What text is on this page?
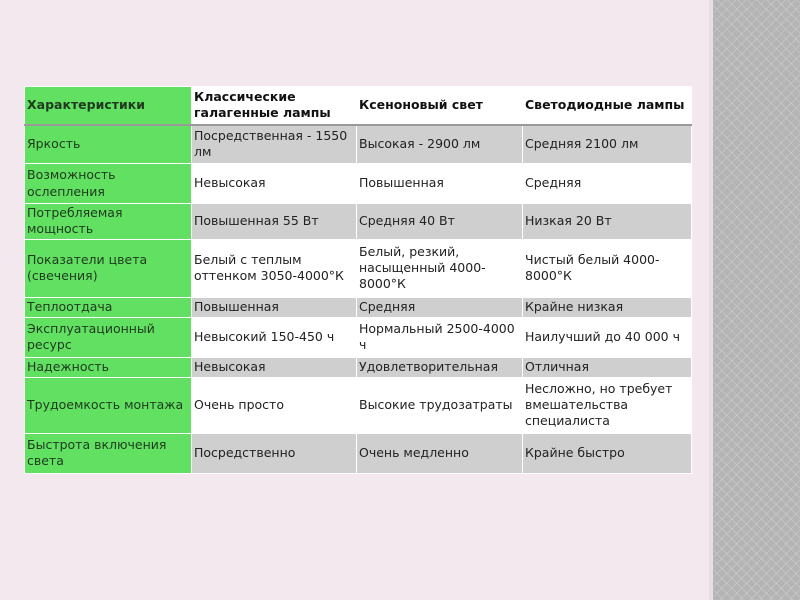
Характеристики	Классические галагенные лампы	Ксеноновый свет	Светодиодные лампы
Яркость	Посредственная - 1550 лм	Высокая - 2900 лм	Средняя 2100 лм
Возможность ослепления	Невысокая	Повышенная	Средняя
Потребляемая мощность	Повышенная 55 Вт	Средняя 40 Вт	Низкая 20 Вт
Показатели цвета (свечения)	Белый с теплым оттенком 3050-4000°К	Белый, резкий, насыщенный 4000-8000°К	Чистый белый 4000-8000°К
Теплоотдача	Повышенная	Средняя	Крайне низкая
Эксплуатационный ресурс	Невысокий 150-450 ч	Нормальный 2500-4000 ч	Наилучший до 40 000 ч
Надежность	Невысокая	Удовлетворительная	Отличная
Трудоемкость монтажа	Очень просто	Высокие трудозатраты	Несложно, но требует вмешательства специалиста
Быстрота включения света	Посредственно	Очень медленно	Крайне быстро
